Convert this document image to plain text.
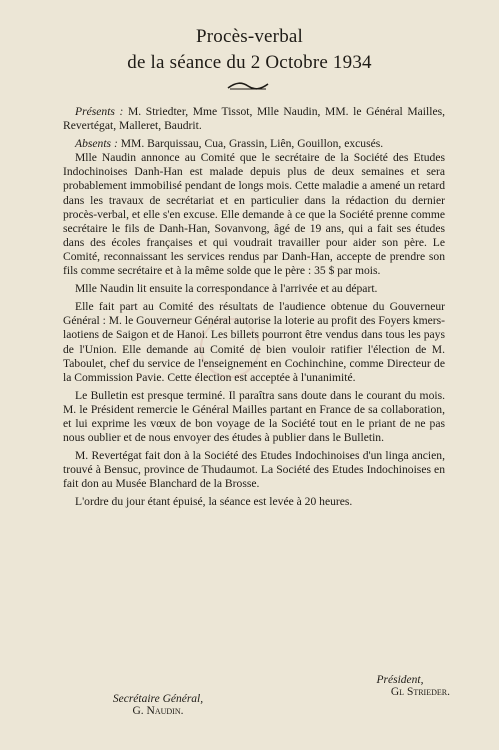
Procès-verbal
de la séance du 2 Octobre 1934

Présents : M. Striedter, Mme Tissot, Mlle Naudin, MM. le Général Mailles, Revertégat, Malleret, Baudrit.

Absents : MM. Barquissau, Cua, Grassin, Liên, Gouillon, excusés.

Mlle Naudin annonce au Comité que le secrétaire de la Société des Etudes Indochinoises Danh-Han est malade depuis plus de deux semaines et sera probablement immobilisé pendant de longs mois. Cette maladie a amené un retard dans les travaux de secrétariat et en particulier dans la rédaction du dernier procès-verbal, et elle s'en excuse. Elle demande à ce que la Société prenne comme secrétaire le fils de Danh-Han, Sovanvong, âgé de 19 ans, qui a fait ses études dans des écoles françaises et qui voudrait travailler pour aider son père. Le Comité, reconnaissant les services rendus par Danh-Han, accepte de prendre son fils comme secrétaire et à la même solde que le père : 35 $ par mois.

Mlle Naudin lit ensuite la correspondance à l'arrivée et au départ.

Elle fait part au Comité des résultats de l'audience obtenue du Gouverneur Général : M. le Gouverneur Général autorise la loterie au profit des Foyers kmers-laotiens de Saigon et de Hanoi. Les billets pourront être vendus dans tous les pays de l'Union. Elle demande au Comité de bien vouloir ratifier l'élection de M. Taboulet, chef du service de l'enseignement en Cochinchine, comme Directeur de la Commission Pavie. Cette élection est acceptée à l'unanimité.

Le Bulletin est presque terminé. Il paraîtra sans doute dans le courant du mois. M. le Président remercie le Général Mailles partant en France de sa collaboration, et lui exprime les vœux de bon voyage de la Société tout en le priant de ne pas nous oublier et de nous envoyer des études à publier dans le Bulletin.

M. Revertégat fait don à la Société des Etudes Indochinoises d'un linga ancien, trouvé à Bensuc, province de Thudaumot. La Société des Etudes Indochinoises en fait don au Musée Blanchard de la Brosse.

L'ordre du jour étant épuisé, la séance est levée à 20 heures.

Secrétaire Général,
G. Naudin.
Président,
Gl Strieder.
